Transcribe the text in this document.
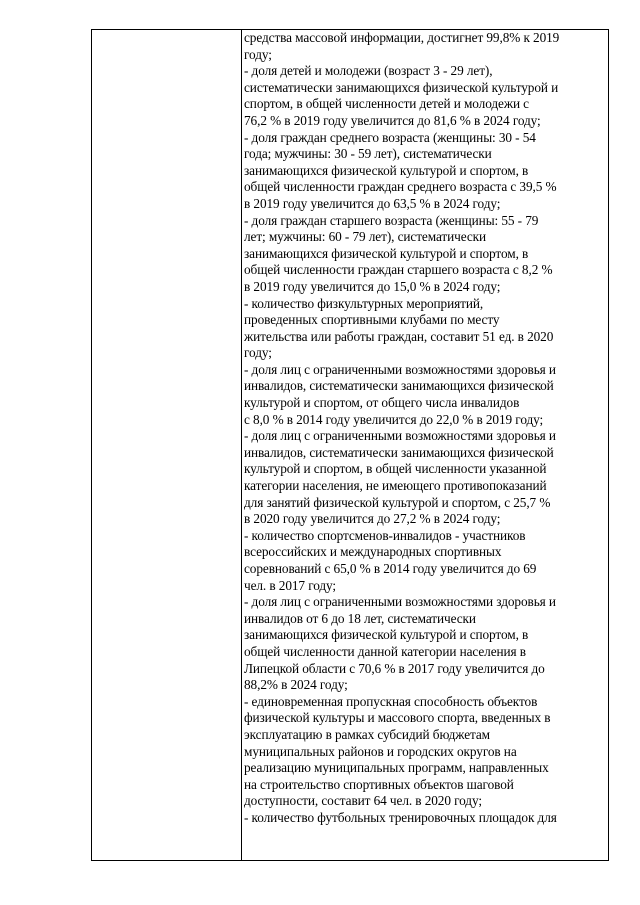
средства массовой информации, достигнет 99,8% к 2019
году;
- доля детей и молодежи (возраст 3 - 29 лет),
систематически занимающихся физической культурой и
спортом, в общей численности детей и молодежи с
76,2 % в 2019 году увеличится до 81,6 % в 2024 году;
- доля граждан среднего возраста (женщины: 30 - 54
года; мужчины: 30 - 59 лет), систематически
занимающихся физической культурой и спортом, в
общей численности граждан среднего возраста с 39,5 %
в 2019 году увеличится до 63,5 % в 2024 году;
- доля граждан старшего возраста (женщины: 55 - 79
лет; мужчины: 60 - 79 лет), систематически
занимающихся физической культурой и спортом, в
общей численности граждан старшего возраста с 8,2 %
в 2019 году увеличится до 15,0 % в 2024 году;
- количество физкультурных мероприятий,
проведенных спортивными клубами по месту
жительства или работы граждан, составит 51 ед. в 2020
году;
- доля лиц с ограниченными возможностями здоровья и
инвалидов, систематически занимающихся физической
культурой и спортом, от общего числа инвалидов
с 8,0 % в 2014 году увеличится до 22,0 % в 2019 году;
- доля лиц с ограниченными возможностями здоровья и
инвалидов, систематически занимающихся физической
культурой и спортом, в общей численности указанной
категории населения, не имеющего противопоказаний
для занятий физической культурой и спортом, с 25,7 %
в 2020 году увеличится до 27,2 % в 2024 году;
- количество спортсменов-инвалидов - участников
всероссийских и международных спортивных
соревнований с 65,0 % в 2014 году увеличится до 69
чел. в 2017 году;
- доля лиц с ограниченными возможностями здоровья и
инвалидов от 6 до 18 лет, систематически
занимающихся физической культурой и спортом, в
общей численности данной категории населения в
Липецкой области с 70,6 % в 2017 году увеличится до
88,2% в 2024 году;
- единовременная пропускная способность объектов
физической культуры и массового спорта, введенных в
эксплуатацию в рамках субсидий бюджетам
муниципальных районов и городских округов на
реализацию муниципальных программ, направленных
на строительство спортивных объектов шаговой
доступности, составит 64 чел. в 2020 году;
- количество футбольных тренировочных площадок для
